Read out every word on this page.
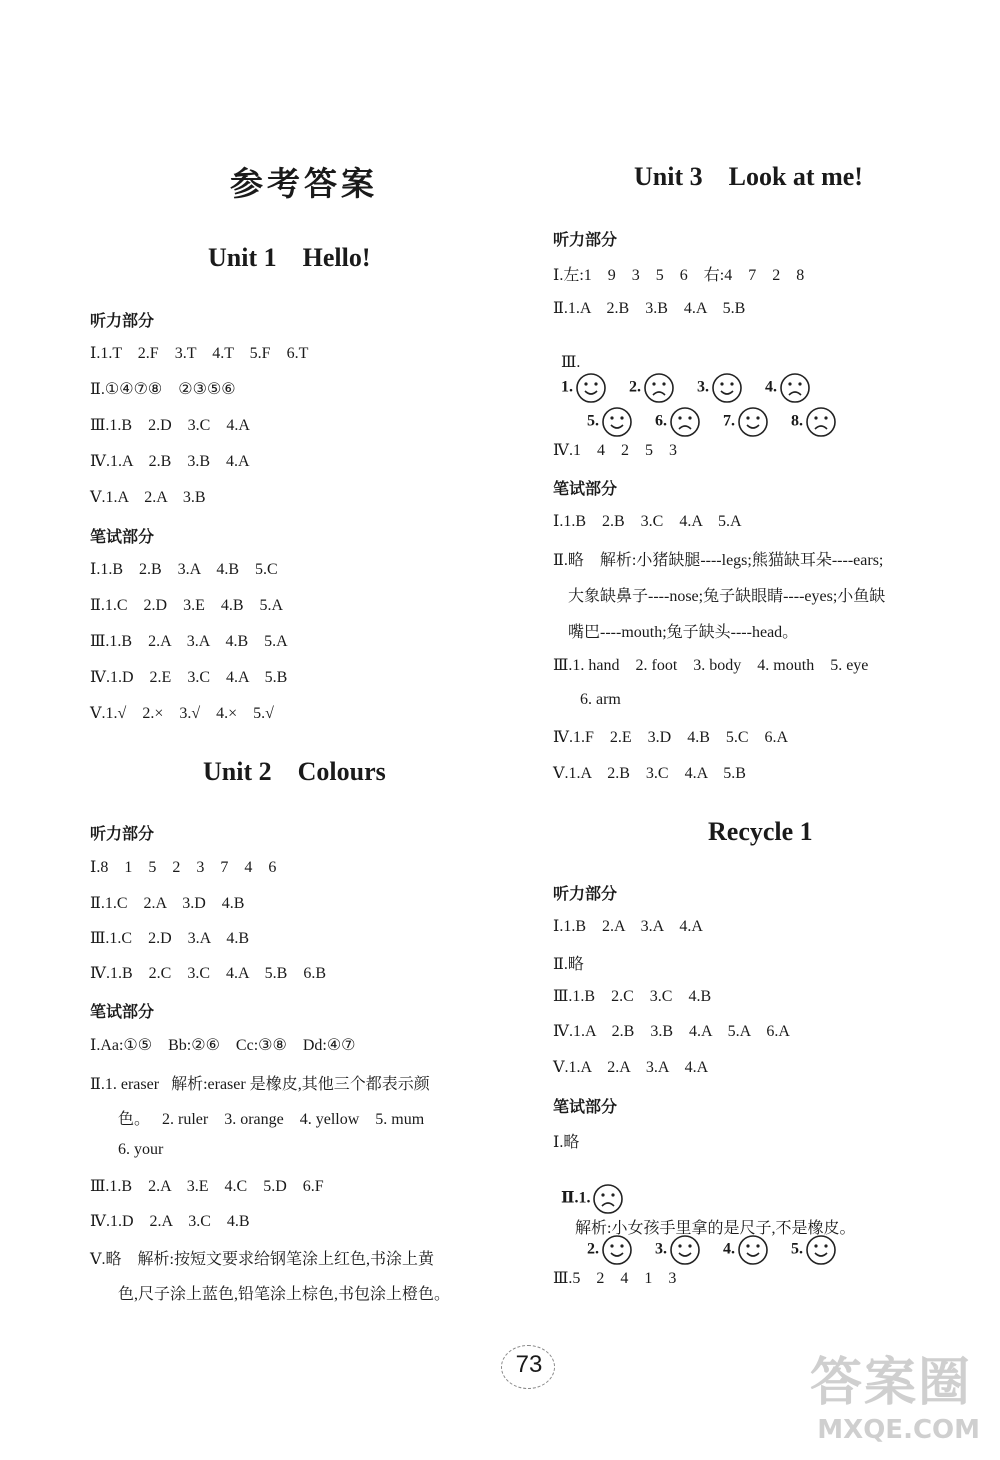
参考答案
Unit 1    Hello!
听力部分
Ⅰ.1.T    2.F    3.T    4.T    5.F    6.T
Ⅱ.①④⑦⑧    ②③⑤⑥
Ⅲ.1.B    2.D    3.C    4.A
Ⅳ.1.A    2.B    3.B    4.A
Ⅴ.1.A    2.A    3.B
笔试部分
Ⅰ.1.B    2.B    3.A    4.B    5.C
Ⅱ.1.C    2.D    3.E    4.B    5.A
Ⅲ.1.B    2.A    3.A    4.B    5.A
Ⅳ.1.D    2.E    3.C    4.A    5.B
Ⅴ.1.√    2.×    3.√    4.×    5.√
Unit 2    Colours
听力部分
Ⅰ.8    1    5    2    3    7    4    6
Ⅱ.1.C    2.A    3.D    4.B
Ⅲ.1.C    2.D    3.A    4.B
Ⅳ.1.B    2.C    3.C    4.A    5.B    6.B
笔试部分
Ⅰ.Aa:①⑤    Bb:②⑥    Cc:③⑧    Dd:④⑦
Ⅱ.1. eraser   解析:eraser 是橡皮,其他三个都表示颜
色。   2. ruler    3. orange    4. yellow    5. mum
6. your
Ⅲ.1.B    2.A    3.E    4.C    5.D    6.F
Ⅳ.1.D    2.A    3.C    4.B
Ⅴ.略    解析:按短文要求给钢笔涂上红色,书涂上黄
色,尺子涂上蓝色,铅笔涂上棕色,书包涂上橙色。
Unit 3    Look at me!
听力部分
Ⅰ.左:1    9    3    5    6    右:4    7    2    8
Ⅱ.1.A    2.B    3.B    4.A    5.B

Ⅲ.
1.	2.	3.	4.

5.	6.	7.	8.

Ⅳ.1    4    2    5    3
笔试部分
Ⅰ.1.B    2.B    3.C    4.A    5.A
Ⅱ.略    解析:小猪缺腿----legs;熊猫缺耳朵----ears;
大象缺鼻子----nose;兔子缺眼睛----eyes;小鱼缺
嘴巴----mouth;兔子缺头----head。
Ⅲ.1. hand    2. foot    3. body    4. mouth    5. eye
6. arm
Ⅳ.1.F    2.E    3.D    4.B    5.C    6.A
Ⅴ.1.A    2.B    3.C    4.A    5.B
Recycle 1
听力部分
Ⅰ.1.B    2.A    3.A    4.A
Ⅱ.略
Ⅲ.1.B    2.C    3.C    4.B
Ⅳ.1.A    2.B    3.B    4.A    5.A    6.A
Ⅴ.1.A    2.A    3.A    4.A
笔试部分
Ⅰ.略

Ⅱ.1.
解析:小女孩手里拿的是尺子,不是橡皮。

2.	3.	4.	5.

Ⅲ.5    2    4    1    3
73	答案圈
MXQE.COM
